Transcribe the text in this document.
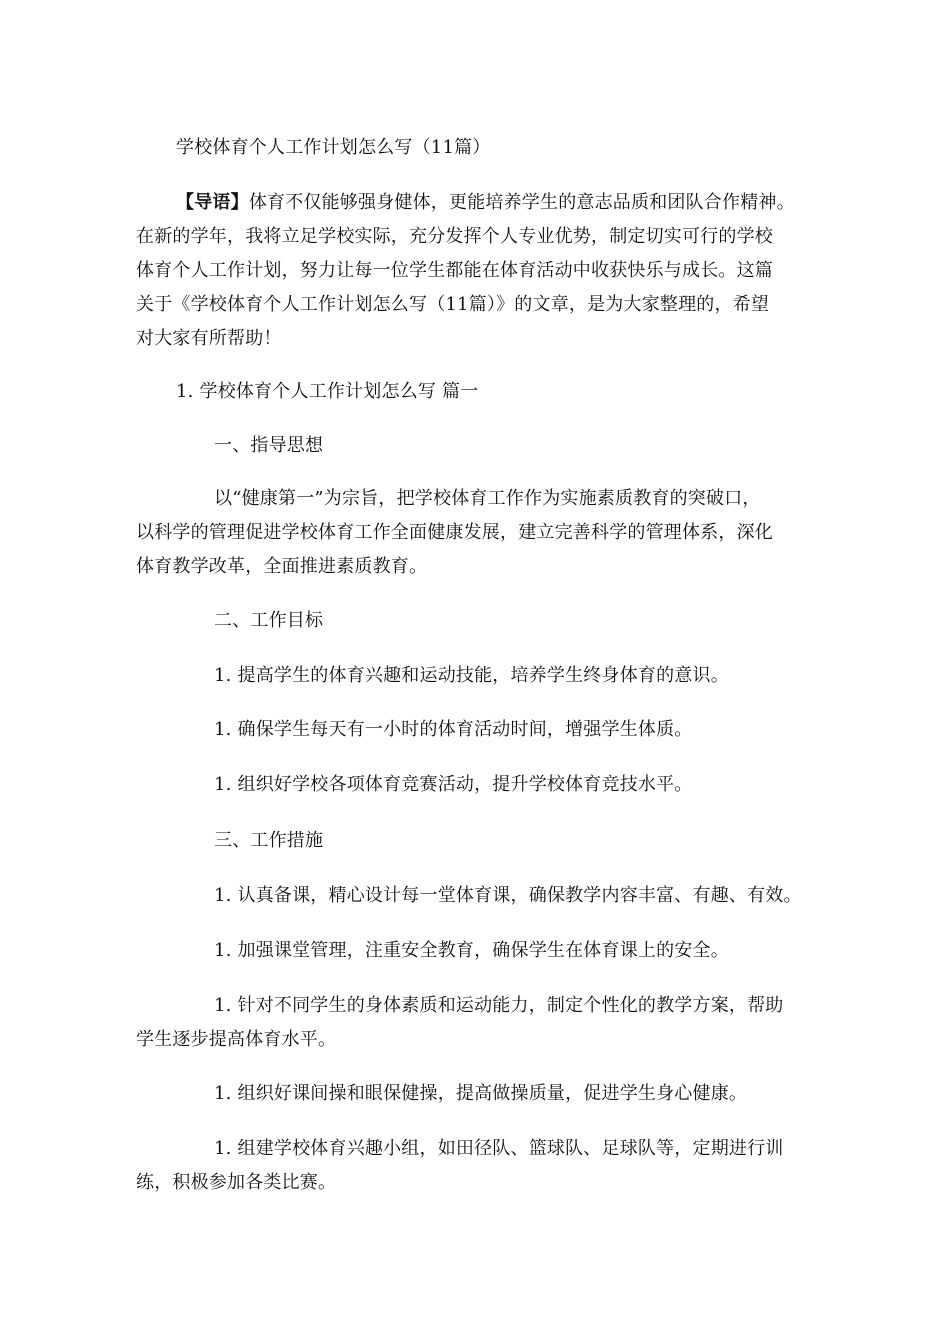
学校体育个人工作计划怎么写（11篇）
【导语】体育不仅能够强身健体，更能培养学生的意志品质和团队合作精神。
在新的学年，我将立足学校实际，充分发挥个人专业优势，制定切实可行的学校
体育个人工作计划，努力让每一位学生都能在体育活动中收获快乐与成长。这篇
关于《学校体育个人工作计划怎么写（11篇）》的文章，是为大家整理的，希望
对大家有所帮助！
1. 学校体育个人工作计划怎么写 篇一
一、指导思想
以“健康第一”为宗旨，把学校体育工作作为实施素质教育的突破口，
以科学的管理促进学校体育工作全面健康发展，建立完善科学的管理体系，深化
体育教学改革，全面推进素质教育。
二、工作目标
1. 提高学生的体育兴趣和运动技能，培养学生终身体育的意识。
1. 确保学生每天有一小时的体育活动时间，增强学生体质。
1. 组织好学校各项体育竞赛活动，提升学校体育竞技水平。
三、工作措施
1. 认真备课，精心设计每一堂体育课，确保教学内容丰富、有趣、有效。
1. 加强课堂管理，注重安全教育，确保学生在体育课上的安全。
1. 针对不同学生的身体素质和运动能力，制定个性化的教学方案，帮助
学生逐步提高体育水平。
1. 组织好课间操和眼保健操，提高做操质量，促进学生身心健康。
1. 组建学校体育兴趣小组，如田径队、篮球队、足球队等，定期进行训
练，积极参加各类比赛。
